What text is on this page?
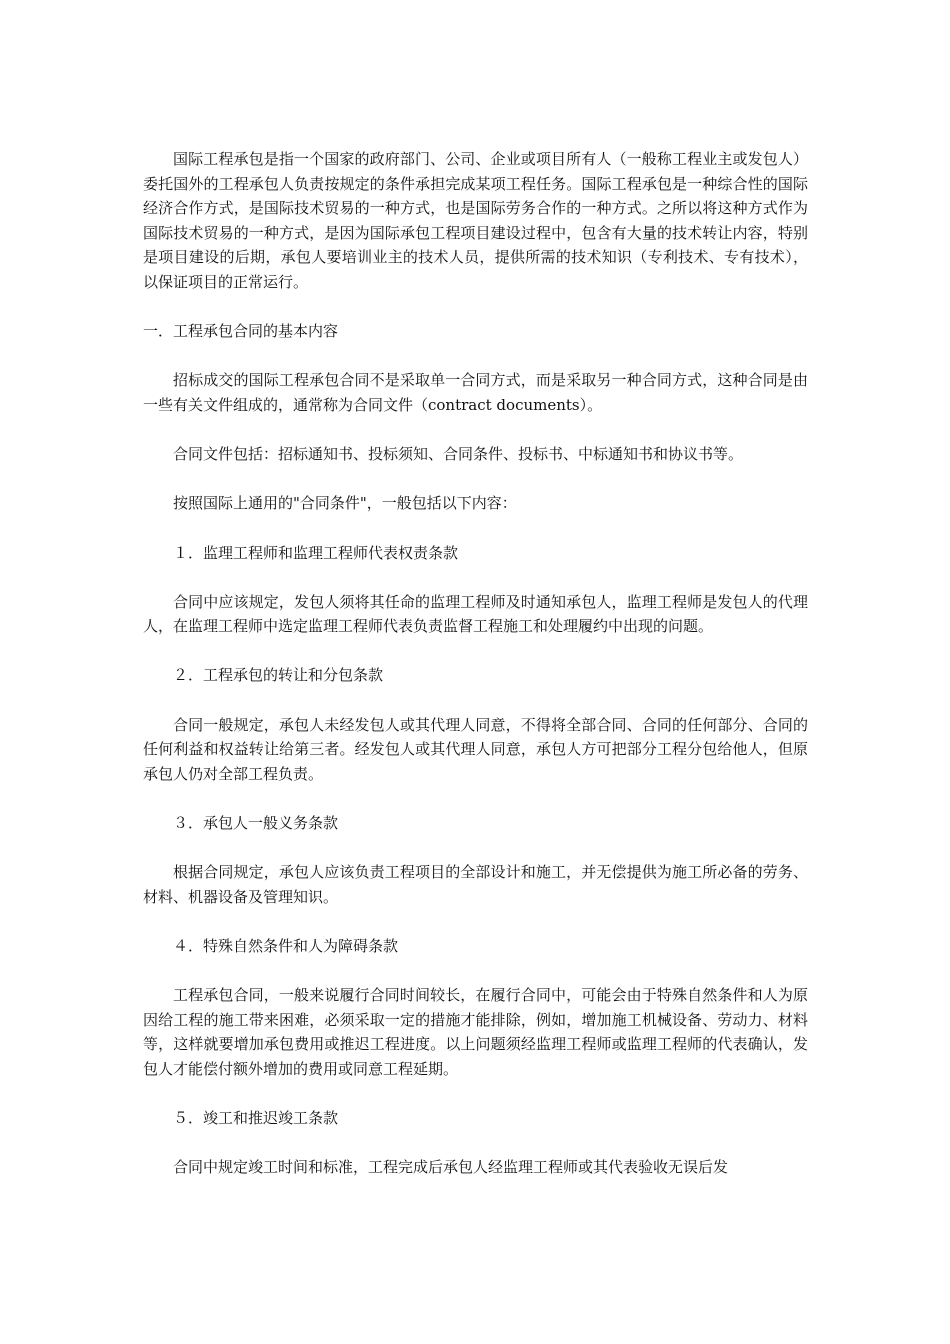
国际工程承包是指一个国家的政府部门、公司、企业或项目所有人（一般称工程业主或发包人）委托国外的工程承包人负责按规定的条件承担完成某项工程任务。国际工程承包是一种综合性的国际经济合作方式，是国际技术贸易的一种方式，也是国际劳务合作的一种方式。之所以将这种方式作为国际技术贸易的一种方式，是因为国际承包工程项目建设过程中，包含有大量的技术转让内容，特别是项目建设的后期，承包人要培训业主的技术人员，提供所需的技术知识（专利技术、专有技术），以保证项目的正常运行。

一．工程承包合同的基本内容

招标成交的国际工程承包合同不是采取单一合同方式，而是采取另一种合同方式，这种合同是由一些有关文件组成的，通常称为合同文件（contract documents）。

合同文件包括：招标通知书、投标须知、合同条件、投标书、中标通知书和协议书等。

按照国际上通用的"合同条件"，一般包括以下内容：

１．监理工程师和监理工程师代表权责条款

合同中应该规定，发包人须将其任命的监理工程师及时通知承包人，监理工程师是发包人的代理人，在监理工程师中选定监理工程师代表负责监督工程施工和处理履约中出现的问题。

２．工程承包的转让和分包条款

合同一般规定，承包人未经发包人或其代理人同意，不得将全部合同、合同的任何部分、合同的任何利益和权益转让给第三者。经发包人或其代理人同意，承包人方可把部分工程分包给他人，但原承包人仍对全部工程负责。

３．承包人一般义务条款

根据合同规定，承包人应该负责工程项目的全部设计和施工，并无偿提供为施工所必备的劳务、材料、机器设备及管理知识。

４．特殊自然条件和人为障碍条款

工程承包合同，一般来说履行合同时间较长，在履行合同中，可能会由于特殊自然条件和人为原因给工程的施工带来困难，必须采取一定的措施才能排除，例如，增加施工机械设备、劳动力、材料等，这样就要增加承包费用或推迟工程进度。以上问题须经监理工程师或监理工程师的代表确认，发包人才能偿付额外增加的费用或同意工程延期。

５．竣工和推迟竣工条款

合同中规定竣工时间和标准，工程完成后承包人经监理工程师或其代表验收无误后发
